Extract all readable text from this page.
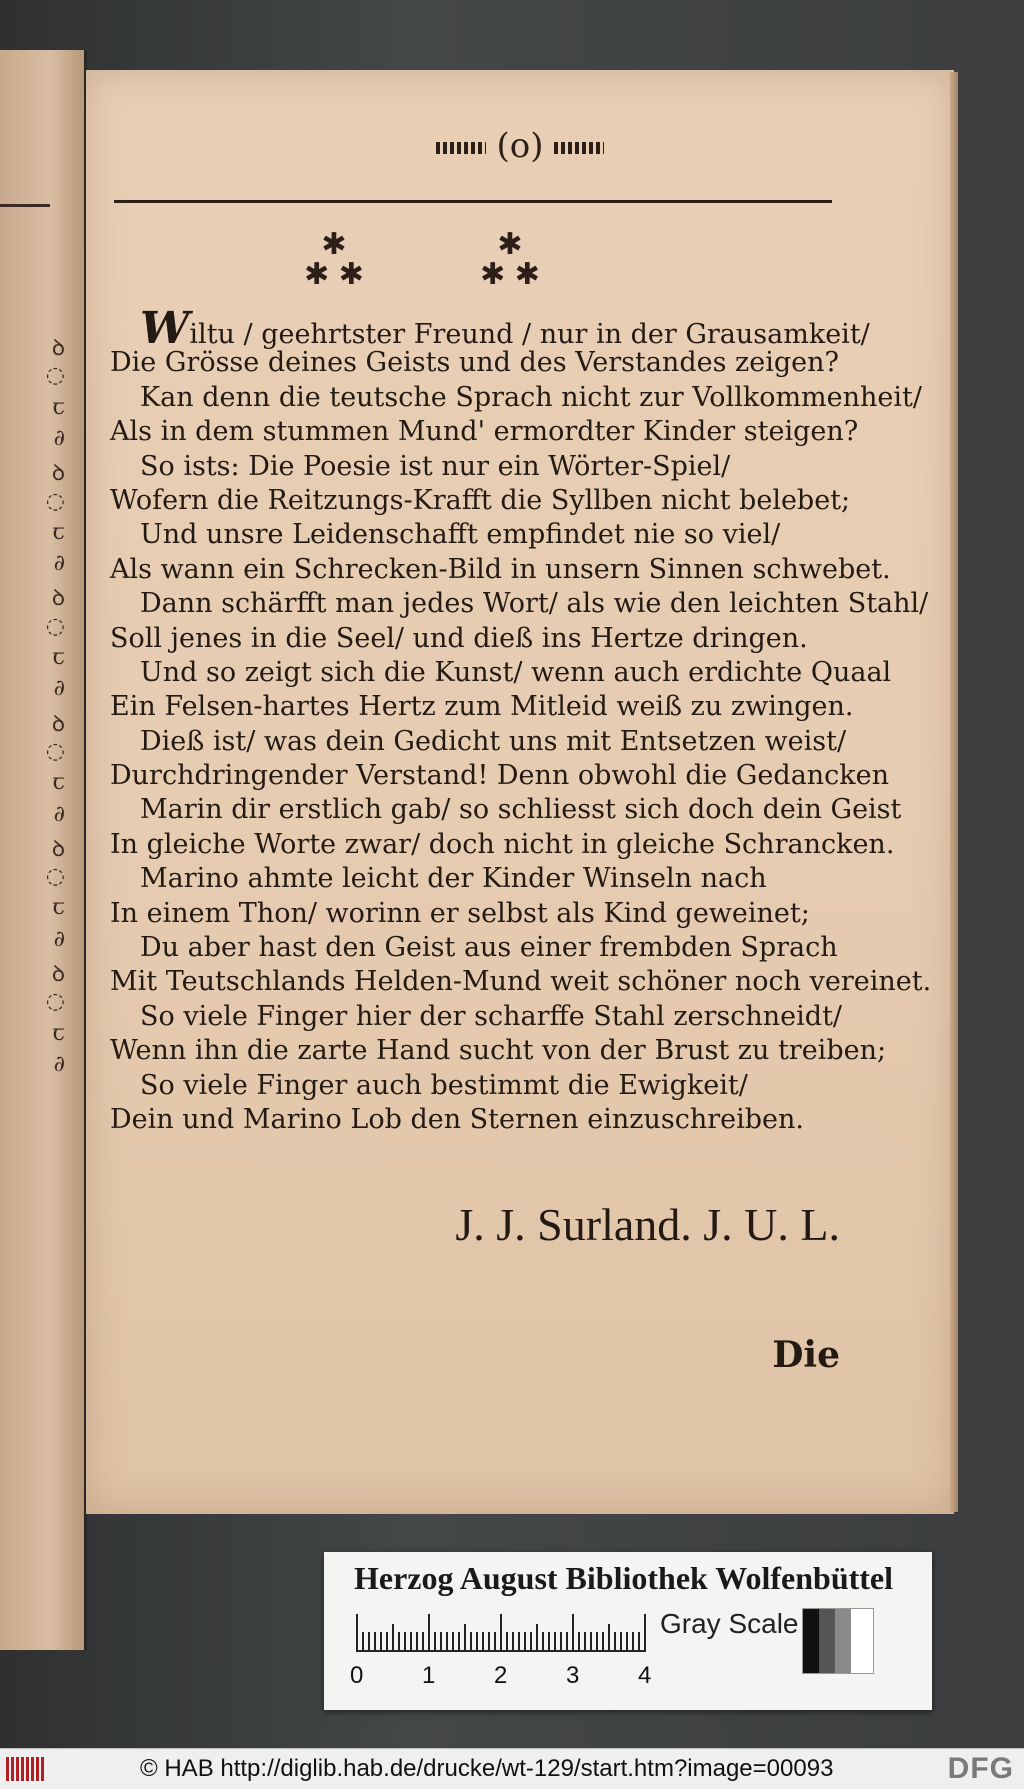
ꝺ
◌
ꞇ
∂
ꝺ
◌
ꞇ
∂
ꝺ
◌
ꞇ
∂
ꝺ
◌
ꞇ
∂
ꝺ
◌
ꞇ
∂
ꝺ
◌
ꞇ
∂
(o)
✱
✱ ✱
✱
✱ ✱
Wiltu / geehrtster Freund / nur in der Grausamkeit/
Die Grösse deines Geists und des Verstandes zeigen?
Kan denn die teutsche Sprach nicht zur Vollkommenheit/
Als in dem stummen Mund' ermordter Kinder steigen?
So ists: Die Poesie ist nur ein Wörter-Spiel/
Wofern die Reitzungs-Krafft die Syllben nicht belebet;
Und unsre Leidenschafft empfindet nie so viel/
Als wann ein Schrecken-Bild in unsern Sinnen schwebet.
Dann schärfft man jedes Wort/ als wie den leichten Stahl/
Soll jenes in die Seel/ und dieß ins Hertze dringen.
Und so zeigt sich die Kunst/ wenn auch erdichte Quaal
Ein Felsen-hartes Hertz zum Mitleid weiß zu zwingen.
Dieß ist/ was dein Gedicht uns mit Entsetzen weist/
Durchdringender Verstand! Denn obwohl die Gedancken
Marin dir erstlich gab/ so schliesst sich doch dein Geist
In gleiche Worte zwar/ doch nicht in gleiche Schrancken.
Marino ahmte leicht der Kinder Winseln nach
In einem Thon/ worinn er selbst als Kind geweinet;
Du aber hast den Geist aus einer frembden Sprach
Mit Teutschlands Helden-Mund weit schöner noch vereinet.
So viele Finger hier der scharffe Stahl zerschneidt/
Wenn ihn die zarte Hand sucht von der Brust zu treiben;
So viele Finger auch bestimmt die Ewigkeit/
Dein und Marino Lob den Sternen einzuschreiben.
J. J. Surland. J. U. L.
Die
Herzog August Bibliothek Wolfenbüttel
0 1 2 3 4
Gray Scale
© HAB http://diglib.hab.de/drucke/wt-129/start.htm?image=00093	DFG
